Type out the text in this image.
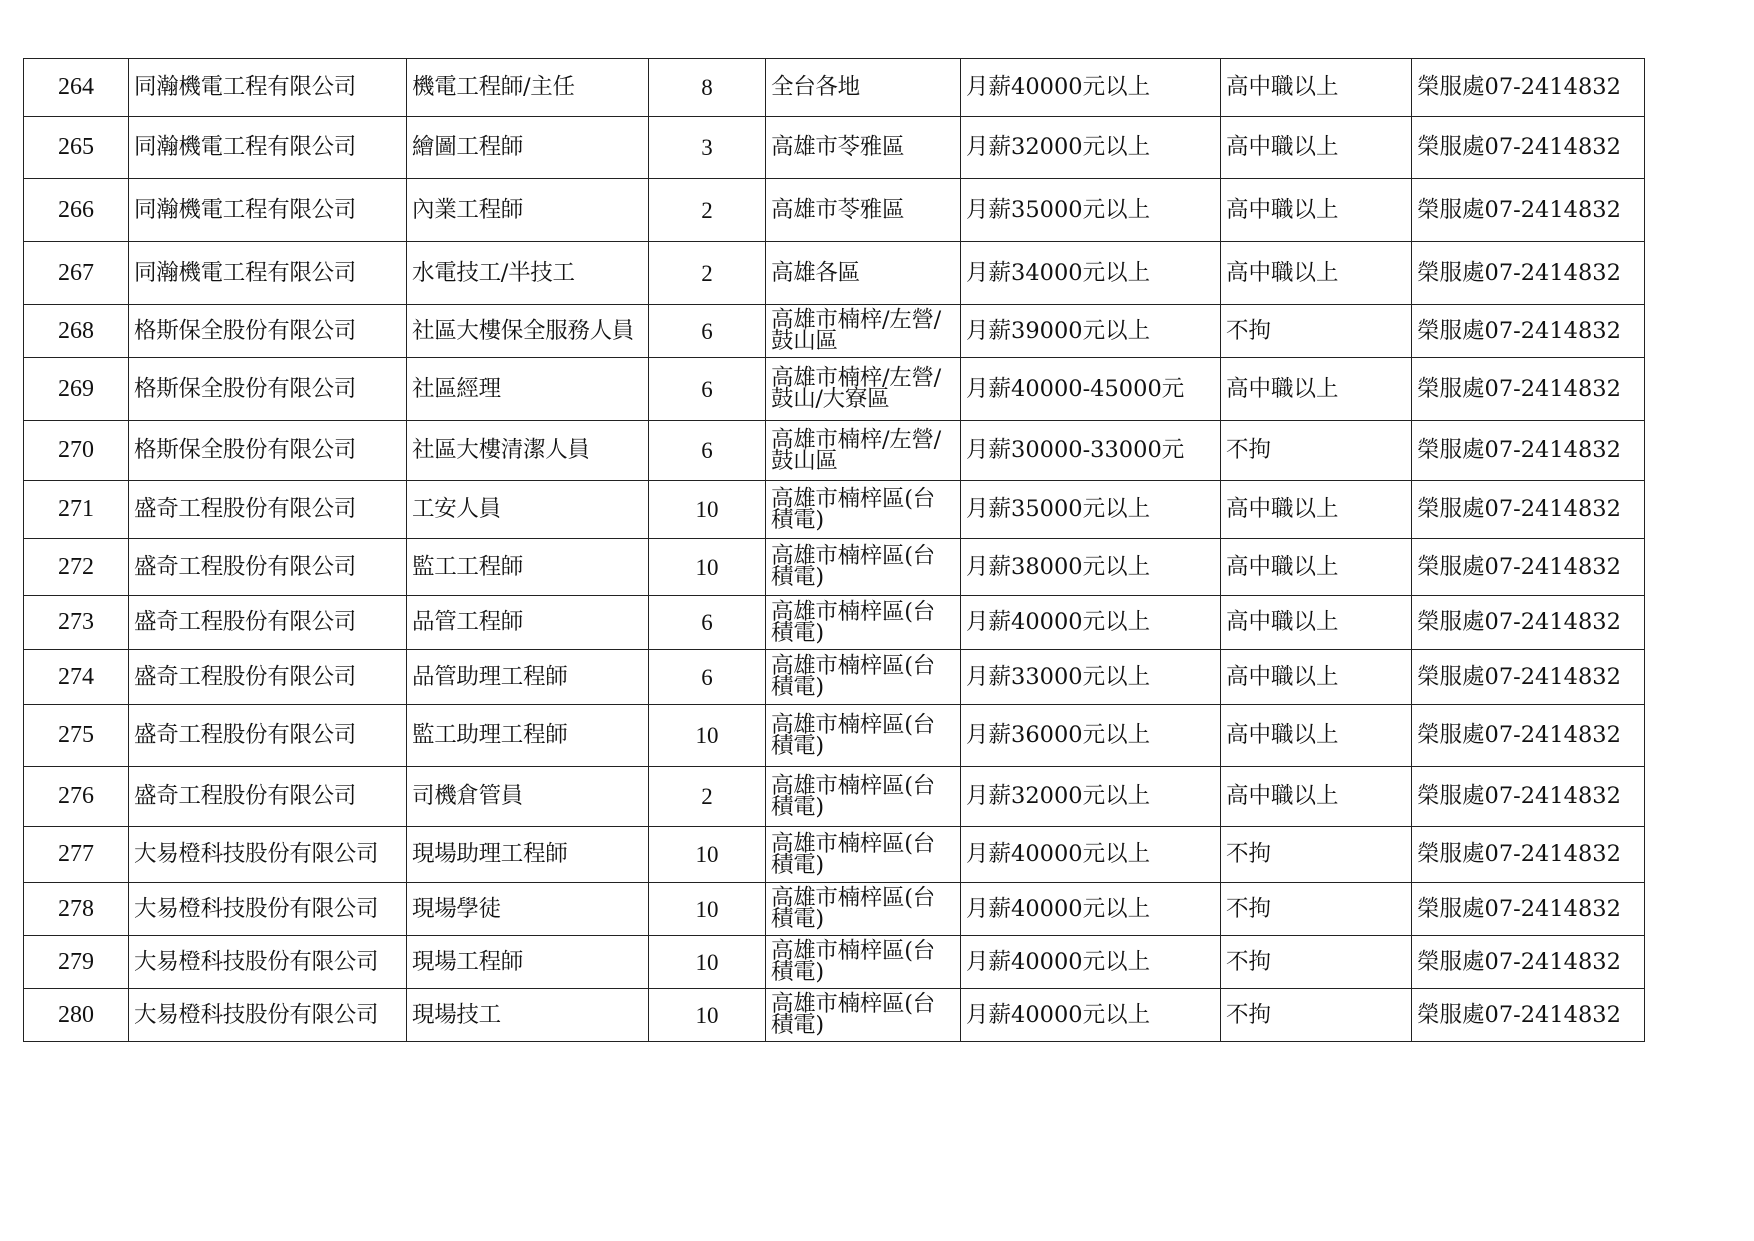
264	同瀚機電工程有限公司	機電工程師/主任	8	全台各地	月薪40000元以上	高中職以上	榮服處07-2414832
265	同瀚機電工程有限公司	繪圖工程師	3	高雄市苓雅區	月薪32000元以上	高中職以上	榮服處07-2414832
266	同瀚機電工程有限公司	內業工程師	2	高雄市苓雅區	月薪35000元以上	高中職以上	榮服處07-2414832
267	同瀚機電工程有限公司	水電技工/半技工	2	高雄各區	月薪34000元以上	高中職以上	榮服處07-2414832
268	格斯保全股份有限公司	社區大樓保全服務人員	6	高雄市楠梓/左營/鼓山區	月薪39000元以上	不拘	榮服處07-2414832
269	格斯保全股份有限公司	社區經理	6	高雄市楠梓/左營/鼓山/大寮區	月薪40000-45000元	高中職以上	榮服處07-2414832
270	格斯保全股份有限公司	社區大樓清潔人員	6	高雄市楠梓/左營/鼓山區	月薪30000-33000元	不拘	榮服處07-2414832
271	盛奇工程股份有限公司	工安人員	10	高雄市楠梓區(台積電)	月薪35000元以上	高中職以上	榮服處07-2414832
272	盛奇工程股份有限公司	監工工程師	10	高雄市楠梓區(台積電)	月薪38000元以上	高中職以上	榮服處07-2414832
273	盛奇工程股份有限公司	品管工程師	6	高雄市楠梓區(台積電)	月薪40000元以上	高中職以上	榮服處07-2414832
274	盛奇工程股份有限公司	品管助理工程師	6	高雄市楠梓區(台積電)	月薪33000元以上	高中職以上	榮服處07-2414832
275	盛奇工程股份有限公司	監工助理工程師	10	高雄市楠梓區(台積電)	月薪36000元以上	高中職以上	榮服處07-2414832
276	盛奇工程股份有限公司	司機倉管員	2	高雄市楠梓區(台積電)	月薪32000元以上	高中職以上	榮服處07-2414832
277	大易橙科技股份有限公司	現場助理工程師	10	高雄市楠梓區(台積電)	月薪40000元以上	不拘	榮服處07-2414832
278	大易橙科技股份有限公司	現場學徒	10	高雄市楠梓區(台積電)	月薪40000元以上	不拘	榮服處07-2414832
279	大易橙科技股份有限公司	現場工程師	10	高雄市楠梓區(台積電)	月薪40000元以上	不拘	榮服處07-2414832
280	大易橙科技股份有限公司	現場技工	10	高雄市楠梓區(台積電)	月薪40000元以上	不拘	榮服處07-2414832
